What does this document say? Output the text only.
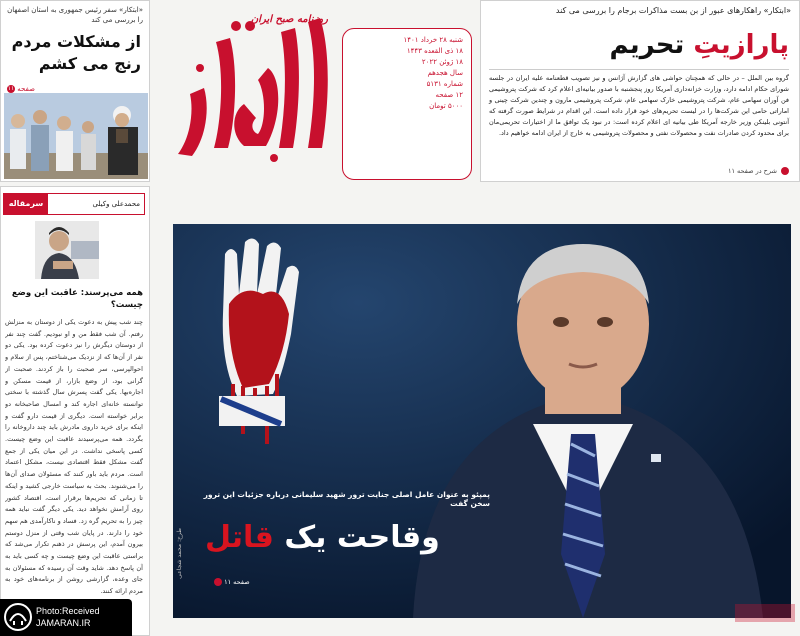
«ابتکار» سفر رئیس جمهوری به استان اصفهان را بررسی می کند
از مشکلات مردم رنج می کشم
صفحه ۱۱
روزنامه صبح ایران
شنبه ۲۸ خرداد ۱۴۰۱
۱۸ ذی القعده ۱۴۴۳
۱۸ ژوئن ۲۰۲۲
سال هجدهم
شماره ۵۱۳۱
۱۲ صفحه
۵۰۰۰ تومان
«ابتکار» راهکارهای عبور از بن بست مذاکرات برجام را بررسی می کند
پارازیتِ تحریم
گروه بین الملل – در حالی که همچنان حواشی های گزارش آژانس و نیز تصویب قطعنامه علیه ایران در جلسه شورای حکام ادامه دارد، وزارت خزانه‌داری آمریکا روز پنجشنبه با صدور بیانیه‌ای اعلام کرد که شرکت پتروشیمی فن آوران سهامی عام، شرکت پتروشیمی خارک سهامی عام، شرکت پتروشیمی مارون و چندین شرکت چینی و اماراتی حامی این شرکت‌ها را در لیست تحریم‌های خود قرار داده است. این اقدام در شرایط صورت گرفته که آنتونی بلینکن وزیر خارجه آمریکا طی بیانیه ای اعلام کرده است: در نبود یک توافق ما از اختیارات تحریمی‌مان برای محدود کردن صادرات نفت و محصولات نفتی و محصولات پتروشیمی به خارج از ایران ادامه خواهیم داد.
شرح در صفحه ۱۱
محمدعلی وکیلی
سرمقاله
همه می‌پرسند: عاقبت این وضع چیست؟
چند شب پیش به دعوت یکی از دوستان به منزلش رفتم. آن شب فقط من و او نبودیم. گفت چند نفر از دوستان دیگرش را نیز دعوت کرده بود. یکی دو نفر از آن‌ها که از نزدیک می‌شناختم، پس از سلام و احوالپرسی، سر صحبت را باز کردند. صحبت از گرانی بود، از وضع بازار، از قیمت مسکن و اجاره‌بها. یکی گفت پسرش سال گذشته با سختی توانسته خانه‌ای اجاره کند و امسال صاحبخانه دو برابر خواسته است. دیگری از قیمت دارو گفت و اینکه برای خرید داروی مادرش باید چند داروخانه را بگردد. همه می‌پرسیدند عاقبت این وضع چیست. کسی پاسخی نداشت. در این میان یکی از جمع گفت مشکل فقط اقتصادی نیست، مشکل اعتماد است. مردم باید باور کنند که مسئولان صدای آن‌ها را می‌شنوند. بحث به سیاست خارجی کشید و اینکه تا زمانی که تحریم‌ها برقرار است، اقتصاد کشور روی آرامش نخواهد دید. یکی دیگر گفت نباید همه چیز را به تحریم گره زد. فساد و ناکارآمدی هم سهم خود را دارند. در پایان شب وقتی از منزل دوستم بیرون آمدم، این پرسش در ذهنم تکرار می‌شد که براستی عاقبت این وضع چیست و چه کسی باید به آن پاسخ دهد. شاید وقت آن رسیده که مسئولان به جای وعده، گزارشی روشن از برنامه‌های خود به مردم ارائه کنند.
پمپئو به عنوان عامل اصلی جنایت ترور شهید سلیمانی درباره جزئیات این ترور سخن گفت
وقاحت یک قاتل
صفحه ۱۱
طرح: محمد شجاعی
Photo:Received
JAMARAN.IR
